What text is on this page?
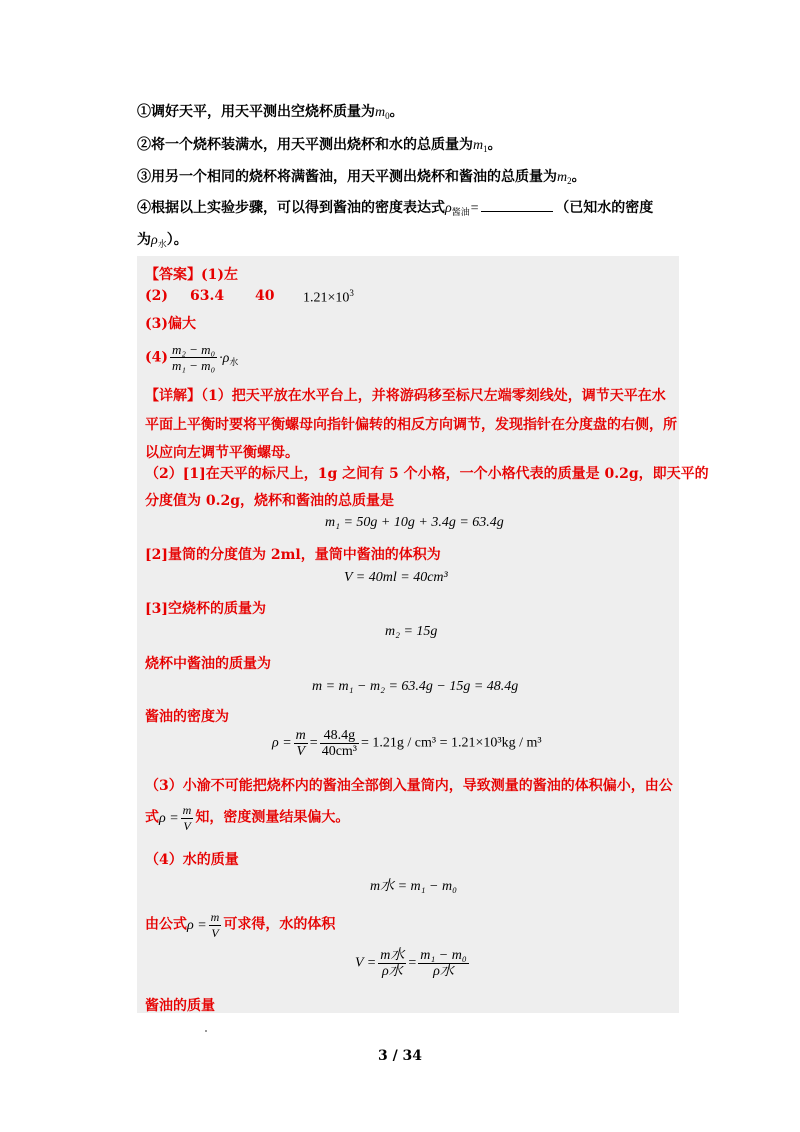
①调好天平，用天平测出空烧杯质量为$m_0$。
②将一个烧杯装满水，用天平测出烧杯和水的总质量为$m_1$。
③用另一个相同的烧杯将满酱油，用天平测出烧杯和酱油的总质量为$m_2$。
④根据以上实验步骤，可以得到酱油的密度表达式$\rho_{酱油}=$	（已知水的密度
为$\rho_水$）。
【答案】(1)左
(2) 63.4 40 $1.21\times 10^3$
(3)偏大
$(4) \frac{\text{m₂ − m₀}}{\text{m₁ − m₀}} \cdot\rho_水$
【详解】（1）把天平放在水平台上，并将游码移至标尺左端零刻线处，调节天平在水
平面上平衡时要将平衡螺母向指针偏转的相反方向调节，发现指针在分度盘的右侧，所
以应向左调节平衡螺母。
（2）[1]在天平的标尺上，1g 之间有 5 个小格，一个小格代表的质量是 0.2g，即天平的
分度值为 0.2g，烧杯和酱油的总质量是
m₁ = 50g + 10g + 3.4g = 63.4g
[2]量筒的分度值为 2ml，量筒中酱油的体积为
V = 40ml = 40cm³
[3]空烧杯的质量为
m₂ = 15g
烧杯中酱油的质量为
m = m₁ − m₂ = 63.4g − 15g = 48.4g
酱油的密度为
$\rho = \frac{m}{V} = \frac{48.4g}{\text{40cm³}} = 1.21g / cm^3 = 1.21\times 10^3kg / m^3$
（3）小渝不可能把烧杯内的酱油全部倒入量筒内，导致测量的酱油的体积偏小，由公
式$\rho = \frac{m}{V}$ 知，密度测量结果偏大。
（4）水的质量
m水 = m₁ − m₀
由公式$\rho = \frac{m}{V}$ 可求得，水的体积
$V = \frac{\text{m水}}{\text{ρ水}} = \frac{\text{m₁ − m₀}}{\text{ρ水}}$
酱油的质量
3 / 34
